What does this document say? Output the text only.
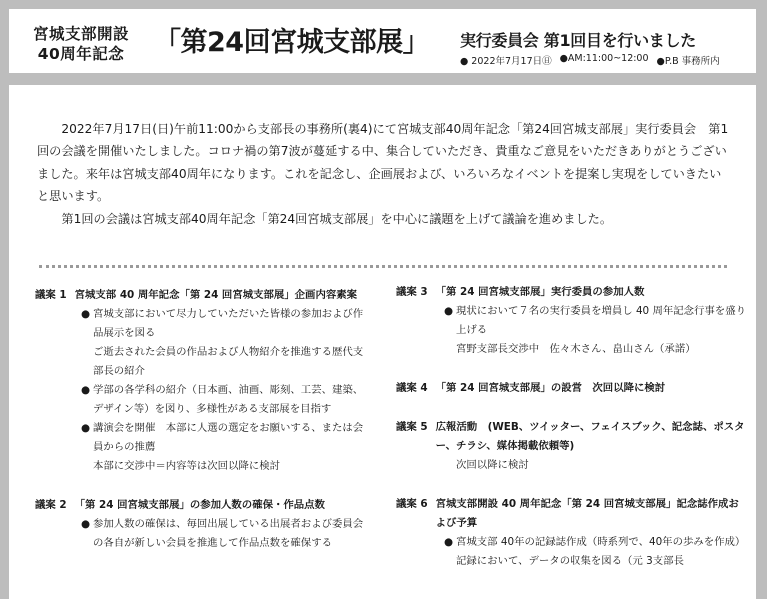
宮城支部開設
40周年記念 「第24回宮城支部展」 実行委員会 第1回目を行いました
● 2022年7月17日㊐ ●AM:11:00~12:00 ●P.B 事務所内

2022年7月17日(日)午前11:00から支部長の事務所(裏4)にて宮城支部40周年記念「第24回宮城支部展」実行委員会　第1回の会議を開催いたしました。コロナ禍の第7波が蔓延する中、集合していただき、貴重なご意見をいただきありがとうございました。来年は宮城支部40周年になります。これを記念し、企画展および、いろいろなイベントを提案し実現をしていきたいと思います。

第1回の会議は宮城支部40周年記念「第24回宮城支部展」を中心に議題を上げて議論を進めました。

議案 1 宮城支部 40 周年記念「第 24 回宮城支部展」企画内容素案
● 宮城支部において尽力していただいた皆様の参加および作品展示を図る
ご逝去された会員の作品および人物紹介を推進する歴代支部長の紹介
● 学部の各学科の紹介（日本画、油画、彫刻、工芸、建築、デザイン等）を図り、多様性がある支部展を目指す
● 講演会を開催　本部に人選の選定をお願いする、または会員からの推薦
本部に交渉中＝内容等は次回以降に検討
議案 2 「第 24 回宮城支部展」の参加人数の確保・作品点数
● 参加人数の確保は、毎回出展している出展者および委員会の各自が新しい会員を推進して作品点数を確保する
議案 3 「第 24 回宮城支部展」実行委員の参加人数
● 現状において７名の実行委員を増員し 40 周年記念行事を盛り上げる
宮野支部長交渉中　佐々木さん、畠山さん（承諾）
議案 4 「第 24 回宮城支部展」の設営　次回以降に検討
議案 5 広報活動　(WEB、ツイッター、フェイスブック、記念誌、ポスター、チラシ、媒体掲載依頼等)
次回以降に検討
議案 6 宮城支部開設 40 周年記念「第 24 回宮城支部展」記念誌作成および予算
● 宮城支部 40年の記録誌作成（時系列で、40年の歩みを作成）
記録において、データの収集を図る（元 3支部長
